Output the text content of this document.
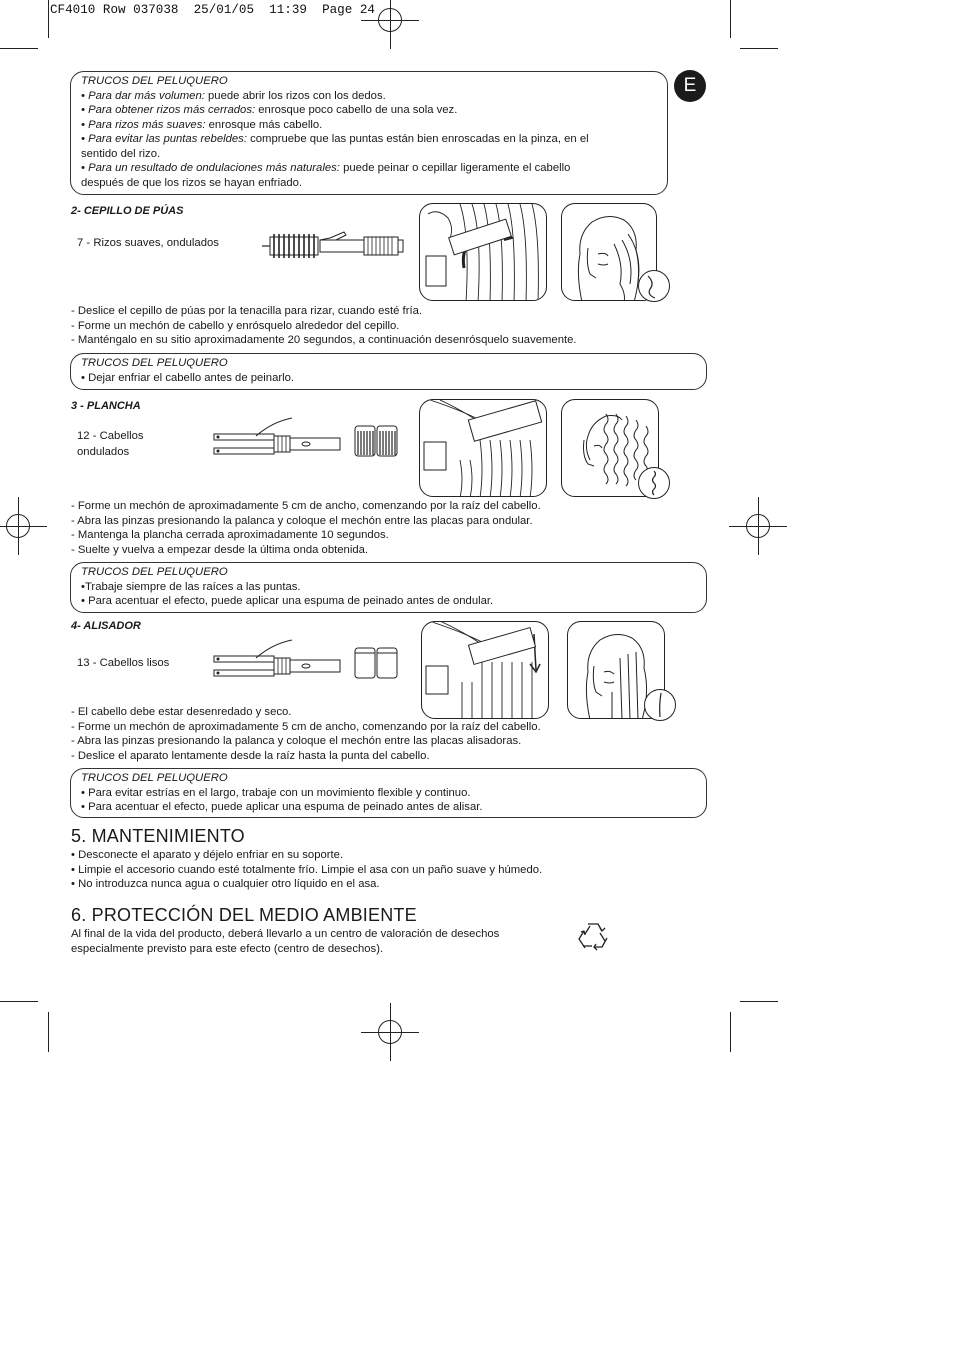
CF4010 Row 037038  25/01/05  11:39  Page 24
E
TRUCOS DEL PELUQUERO
• Para dar más volumen: puede abrir los rizos con los dedos.
• Para obtener rizos más cerrados: enrosque poco cabello de una sola vez.
• Para rizos más suaves: enrosque más cabello.
• Para evitar las puntas rebeldes: compruebe que las puntas están bien enroscadas en la pinza, en el
sentido del rizo.
• Para un resultado de ondulaciones más naturales: puede peinar o cepillar ligeramente el cabello
después de que los rizos se hayan enfriado.
2- CEPILLO DE PÚAS
7 - Rizos suaves, ondulados
- Deslice el cepillo de púas por la tenacilla para rizar, cuando esté fría.
- Forme un mechón de cabello y enrósquelo alrededor del cepillo.
- Manténgalo en su sitio aproximadamente 20 segundos, a continuación desenrósquelo suavemente.
TRUCOS DEL PELUQUERO
• Dejar enfriar el cabello antes de peinarlo.
3 - PLANCHA
12 - Cabellos
ondulados
- Forme un mechón de aproximadamente 5 cm de ancho, comenzando por la raíz del cabello.
- Abra las pinzas presionando la palanca y coloque el mechón entre las placas para ondular.
- Mantenga la plancha cerrada aproximadamente 10 segundos.
- Suelte y vuelva a empezar desde la última onda obtenida.
TRUCOS DEL PELUQUERO
•Trabaje siempre de las raíces a las puntas.
• Para acentuar el efecto, puede aplicar una espuma de peinado antes de ondular.
4- ALISADOR
13 - Cabellos lisos
- El cabello debe estar desenredado y seco.
- Forme un mechón de aproximadamente 5 cm de ancho, comenzando por la raíz del cabello.
- Abra las pinzas presionando la palanca y coloque el mechón entre las placas alisadoras.
- Deslice el aparato lentamente desde la raíz hasta la punta del cabello.
TRUCOS DEL PELUQUERO
• Para evitar estrías en el largo, trabaje con un movimiento flexible y continuo.
• Para acentuar el efecto, puede aplicar una espuma de peinado antes de alisar.
5. MANTENIMIENTO
• Desconecte el aparato y déjelo enfriar en su soporte.
• Limpie el accesorio cuando esté totalmente frío. Limpie el asa con un paño suave y húmedo.
• No introduzca nunca agua o cualquier otro líquido en el asa.
6. PROTECCIÓN DEL MEDIO AMBIENTE
Al final de la vida del producto, deberá llevarlo a un centro de valoración de desechos
especialmente previsto para este efecto (centro de desechos).
